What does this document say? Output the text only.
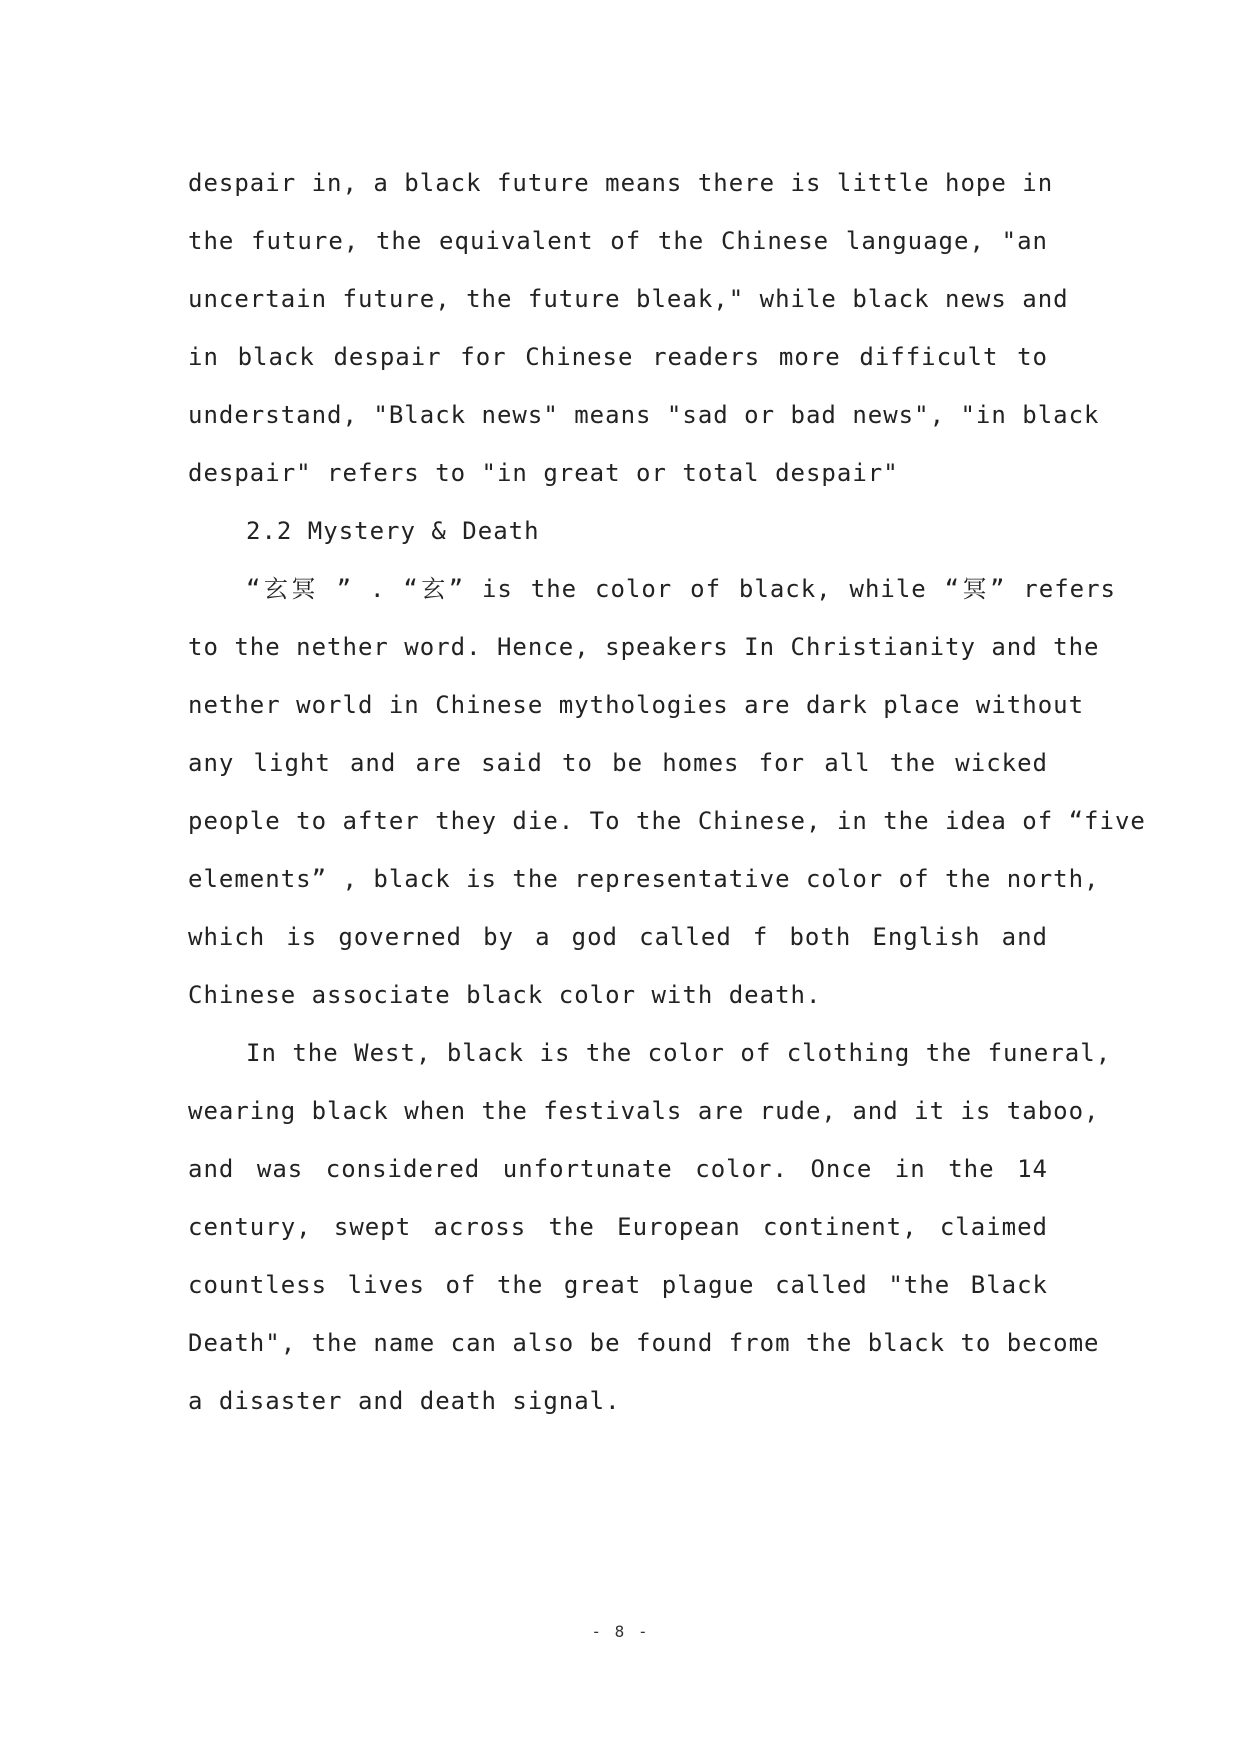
despair in, a black future means there is little hope in
the future, the equivalent of the Chinese language, "an
uncertain future, the future bleak," while black news and
in black despair for Chinese readers more difficult to
understand, "Black news" means "sad or bad news", "in black
despair" refers to "in great or total despair"
2.2 Mystery & Death
“玄冥 ” . “玄” is the color of black, while “冥” refers
to the nether word. Hence, speakers In Christianity and the
nether world in Chinese mythologies are dark place without
any light and are said to be homes for all the wicked
people to after they die. To the Chinese, in the idea of “five
elements” , black is the representative color of the north,
which is governed by a god called f both English and
Chinese associate black color with death.
In the West, black is the color of clothing the funeral,
wearing black when the festivals are rude, and it is taboo,
and was considered unfortunate color. Once in the 14
century, swept across the European continent, claimed
countless lives of the great plague called "the Black
Death", the name can also be found from the black to become
a disaster and death signal.
- 8 -
